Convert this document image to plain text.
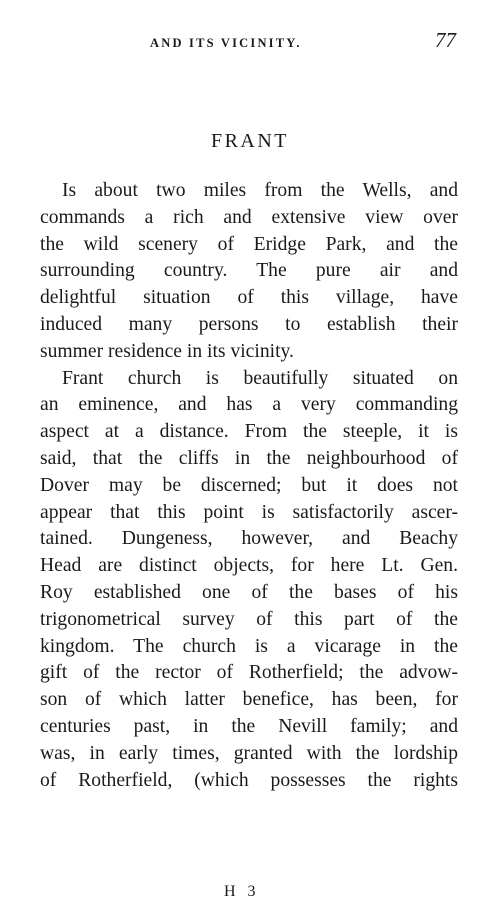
AND ITS VICINITY.	77
FRANT
Is about two miles from the Wells, and
commands a rich and extensive view over
the wild scenery of Eridge Park, and the
surrounding country. The pure air and
delightful situation of this village, have
induced many persons to establish their
summer residence in its vicinity.
Frant church is beautifully situated on
an eminence, and has a very commanding
aspect at a distance. From the steeple, it is
said, that the cliffs in the neighbourhood of
Dover may be discerned; but it does not
appear that this point is satisfactorily ascer-
tained. Dungeness, however, and Beachy
Head are distinct objects, for here Lt. Gen.
Roy established one of the bases of his
trigonometrical survey of this part of the
kingdom. The church is a vicarage in the
gift of the rector of Rotherfield; the advow-
son of which latter benefice, has been, for
centuries past, in the Nevill family; and
was, in early times, granted with the lordship
of Rotherfield, (which possesses the rights
H 3
